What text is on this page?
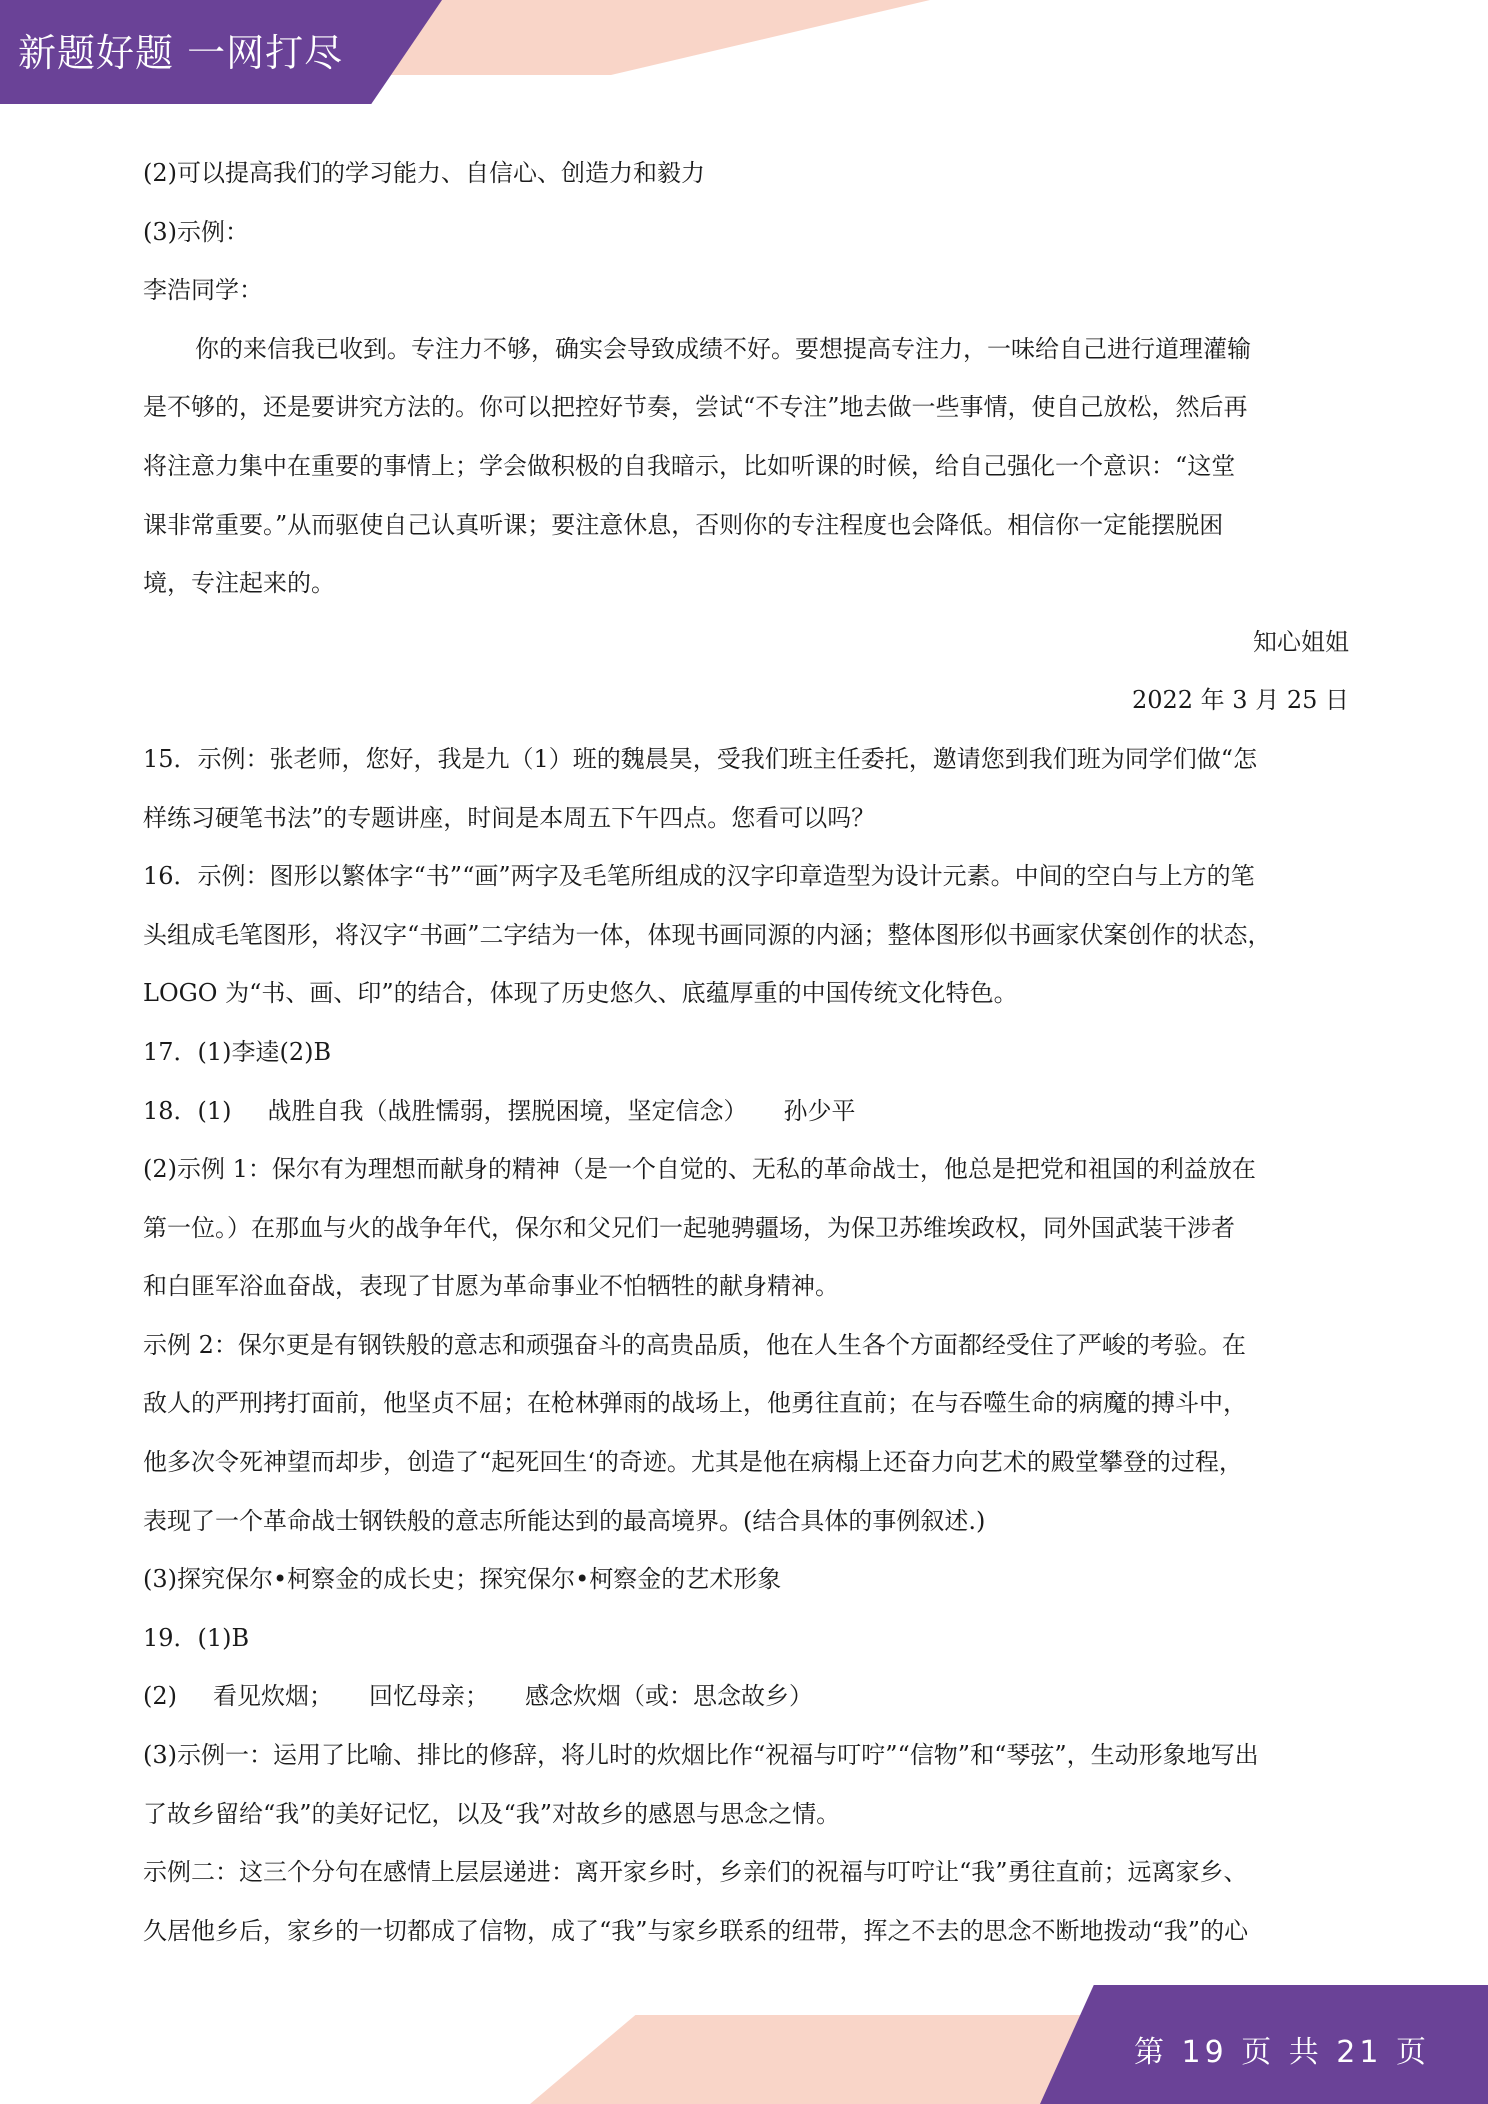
新题好题 一网打尽

(2)可以提高我们的学习能力、自信心、创造力和毅力

(3)示例：

李浩同学：

你的来信我已收到。专注力不够，确实会导致成绩不好。要想提高专注力，一味给自己进行道理灌输

是不够的，还是要讲究方法的。你可以把控好节奏，尝试“不专注”地去做一些事情，使自己放松，然后再

将注意力集中在重要的事情上；学会做积极的自我暗示，比如听课的时候，给自己强化一个意识：“这堂

课非常重要。”从而驱使自己认真听课；要注意休息，否则你的专注程度也会降低。相信你一定能摆脱困

境，专注起来的。

知心姐姐

2022 年 3 月 25 日

15．示例：张老师，您好，我是九（1）班的魏晨昊，受我们班主任委托，邀请您到我们班为同学们做“怎

样练习硬笔书法”的专题讲座，时间是本周五下午四点。您看可以吗？

16．示例：图形以繁体字“书”“画”两字及毛笔所组成的汉字印章造型为设计元素。中间的空白与上方的笔

头组成毛笔图形，将汉字“书画”二字结为一体，体现书画同源的内涵；整体图形似书画家伏案创作的状态，

LOGO 为“书、画、印”的结合，体现了历史悠久、底蕴厚重的中国传统文化特色。

17．(1)李逵(2)B

18．(1) 战胜自我（战胜懦弱，摆脱困境，坚定信念） 孙少平

(2)示例 1：保尔有为理想而献身的精神（是一个自觉的、无私的革命战士，他总是把党和祖国的利益放在

第一位。）在那血与火的战争年代，保尔和父兄们一起驰骋疆场，为保卫苏维埃政权，同外国武装干涉者

和白匪军浴血奋战，表现了甘愿为革命事业不怕牺牲的献身精神。

示例 2：保尔更是有钢铁般的意志和顽强奋斗的高贵品质，他在人生各个方面都经受住了严峻的考验。在

敌人的严刑拷打面前，他坚贞不屈；在枪林弹雨的战场上，他勇往直前；在与吞噬生命的病魔的搏斗中，

他多次令死神望而却步，创造了“起死回生‘的奇迹。尤其是他在病榻上还奋力向艺术的殿堂攀登的过程，

表现了一个革命战士钢铁般的意志所能达到的最高境界。(结合具体的事例叙述.)

(3)探究保尔•柯察金的成长史；探究保尔•柯察金的艺术形象

19．(1)B

(2) 看见炊烟； 回忆母亲； 感念炊烟（或：思念故乡）

(3)示例一：运用了比喻、排比的修辞，将儿时的炊烟比作“祝福与叮咛”“信物”和“琴弦”，生动形象地写出

了故乡留给“我”的美好记忆，以及“我”对故乡的感恩与思念之情。

示例二：这三个分句在感情上层层递进：离开家乡时，乡亲们的祝福与叮咛让“我”勇往直前；远离家乡、

久居他乡后，家乡的一切都成了信物，成了“我”与家乡联系的纽带，挥之不去的思念不断地拨动“我”的心

第 19 页 共 21 页
